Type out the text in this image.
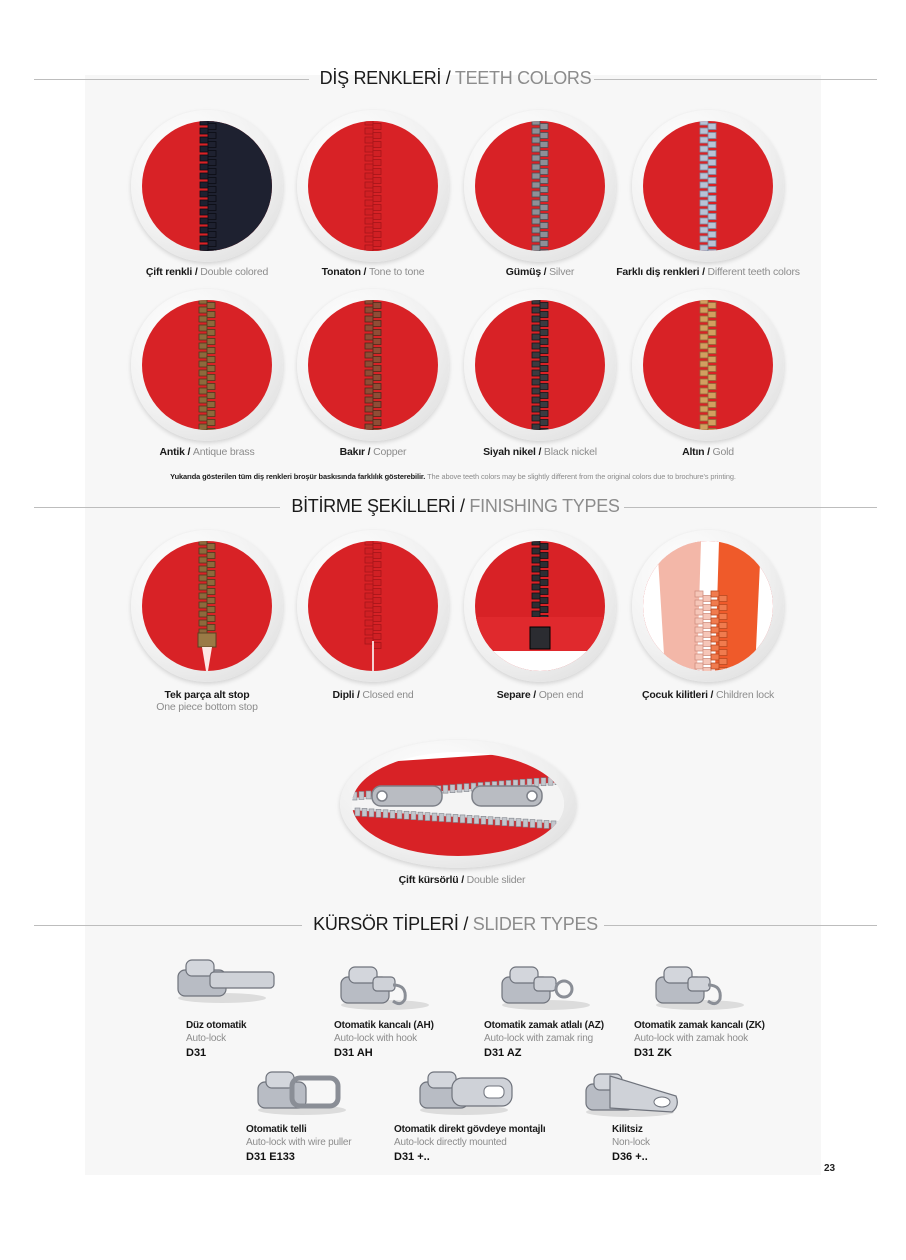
DİŞ RENKLERİ / TEETH COLORS
Çift renkli / Double colored	Tonaton / Tone to tone	Gümüş / Silver	Farklı diş renkleri / Different teeth colors
Antik / Antique brass	Bakır / Copper	Siyah nikel / Black nickel	Altın / Gold
Yukarıda gösterilen tüm diş renkleri broşür baskısında farklılık gösterebilir. The above teeth colors may be slightly different from the original colors due to brochure's printing.
BİTİRME ŞEKİLLERİ / FINISHING TYPES
Tek parça alt stop
One piece bottom stop
Dipli / Closed end	Separe / Open end	Çocuk kilitleri / Children lock
Çift kürsörlü / Double slider
KÜRSÖR TİPLERİ / SLIDER TYPES
Düz otomatik
Auto-lock
D31
Otomatik kancalı (AH)
Auto-lock with hook
D31 AH
Otomatik zamak atlalı (AZ)
Auto-lock with zamak ring
D31 AZ
Otomatik zamak kancalı (ZK)
Auto-lock with zamak hook
D31 ZK
Otomatik telli
Auto-lock with wire puller
D31 E133
Otomatik direkt gövdeye montajlı
Auto-lock directly mounted
D31 +..
Kilitsiz
Non-lock
D36 +..
23
